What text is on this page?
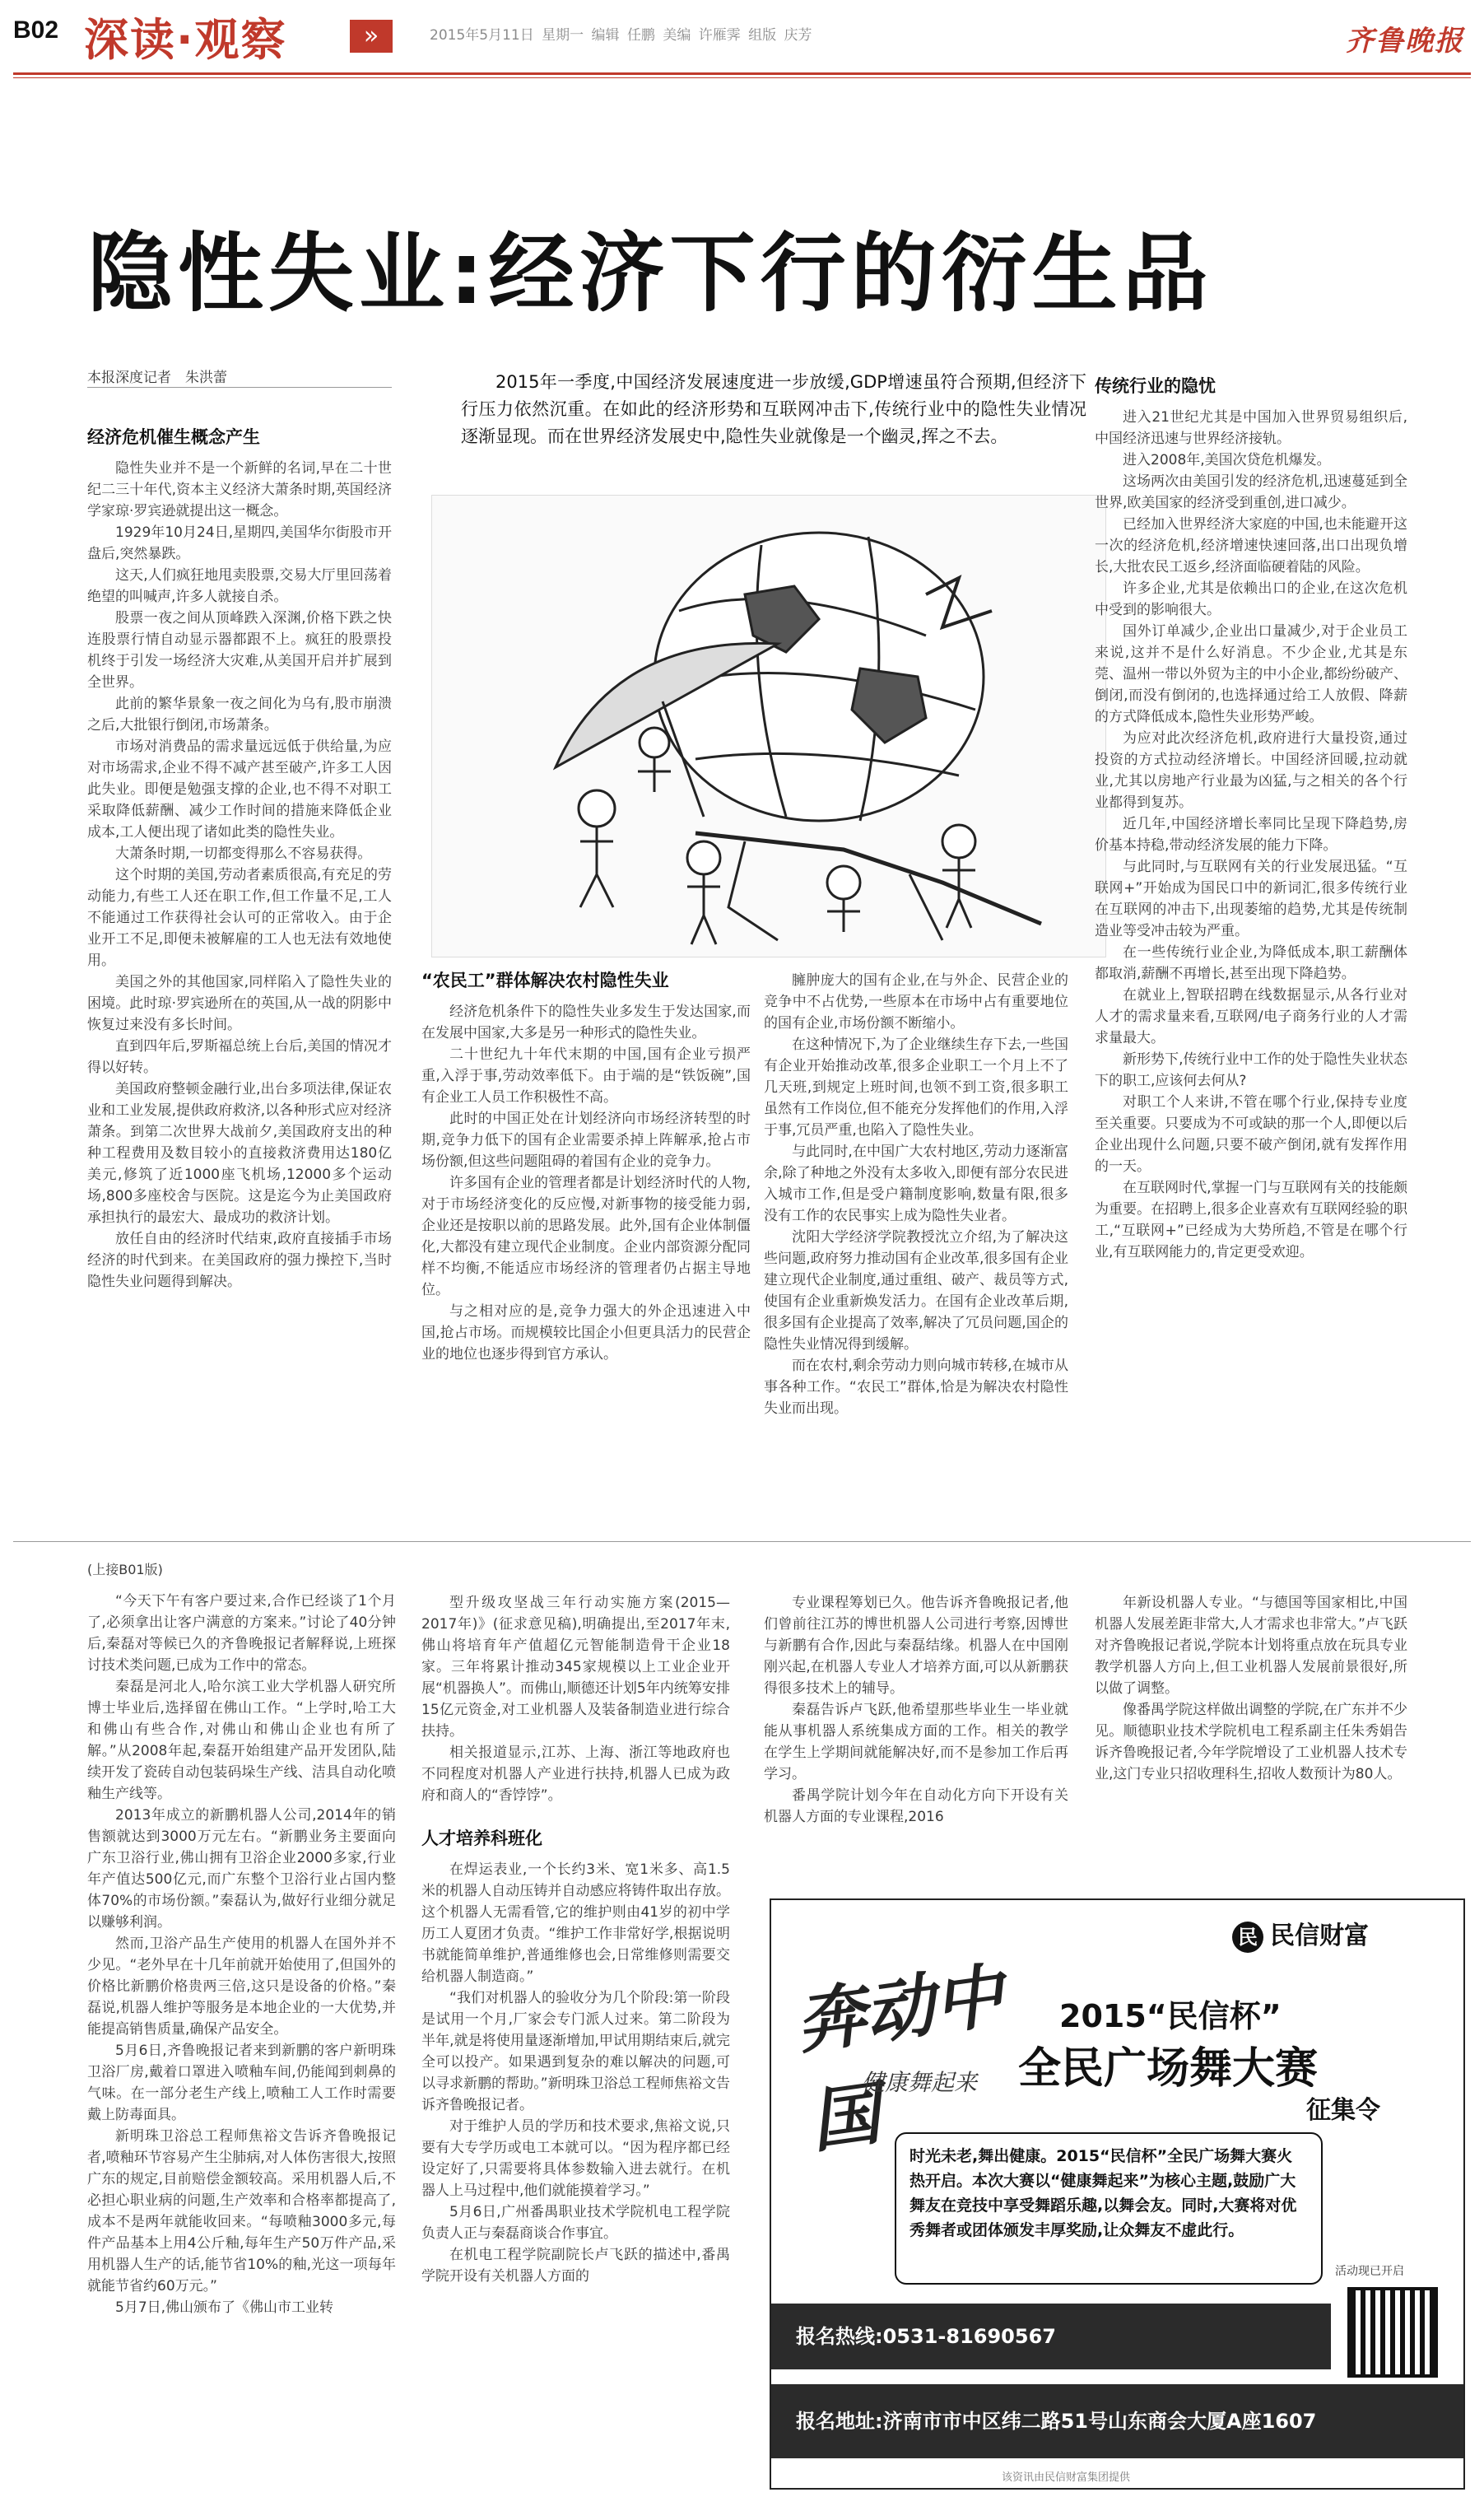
B02 深读·观察	»	2015年5月11日 星期一 编辑 任鹏 美编 许雁霁 组版 庆芳	齐鲁晚报
隐性失业:经济下行的衍生品
本报深度记者　朱洪蕾
经济危机催生概念产生

隐性失业并不是一个新鲜的名词,早在二十世纪二三十年代,资本主义经济大萧条时期,英国经济学家琼·罗宾逊就提出这一概念。

1929年10月24日,星期四,美国华尔街股市开盘后,突然暴跌。

这天,人们疯狂地甩卖股票,交易大厅里回荡着绝望的叫喊声,许多人就接自杀。

股票一夜之间从顶峰跌入深渊,价格下跌之快连股票行情自动显示器都跟不上。疯狂的股票投机终于引发一场经济大灾难,从美国开启并扩展到全世界。

此前的繁华景象一夜之间化为乌有,股市崩溃之后,大批银行倒闭,市场萧条。

市场对消费品的需求量远远低于供给量,为应对市场需求,企业不得不减产甚至破产,许多工人因此失业。即便是勉强支撑的企业,也不得不对职工采取降低薪酬、减少工作时间的措施来降低企业成本,工人便出现了诸如此类的隐性失业。

大萧条时期,一切都变得那么不容易获得。

这个时期的美国,劳动者素质很高,有充足的劳动能力,有些工人还在职工作,但工作量不足,工人不能通过工作获得社会认可的正常收入。由于企业开工不足,即便未被解雇的工人也无法有效地使用。

美国之外的其他国家,同样陷入了隐性失业的困境。此时琼·罗宾逊所在的英国,从一战的阴影中恢复过来没有多长时间。

直到四年后,罗斯福总统上台后,美国的情况才得以好转。

美国政府整顿金融行业,出台多项法律,保证农业和工业发展,提供政府救济,以各种形式应对经济萧条。到第二次世界大战前夕,美国政府支出的种种工程费用及数目较小的直接救济费用达180亿美元,修筑了近1000座飞机场,12000多个运动场,800多座校舍与医院。这是迄今为止美国政府承担执行的最宏大、最成功的救济计划。

放任自由的经济时代结束,政府直接插手市场经济的时代到来。在美国政府的强力操控下,当时隐性失业问题得到解决。

2015年一季度,中国经济发展速度进一步放缓,GDP增速虽符合预期,但经济下行压力依然沉重。在如此的经济形势和互联网冲击下,传统行业中的隐性失业情况逐渐显现。而在世界经济发展史中,隐性失业就像是一个幽灵,挥之不去。
“农民工”群体解决农村隐性失业

经济危机条件下的隐性失业多发生于发达国家,而在发展中国家,大多是另一种形式的隐性失业。

二十世纪九十年代末期的中国,国有企业亏损严重,入浮于事,劳动效率低下。由于端的是“铁饭碗”,国有企业工人员工作积极性不高。

此时的中国正处在计划经济向市场经济转型的时期,竞争力低下的国有企业需要杀掉上阵解承,抢占市场份额,但这些问题阻碍的着国有企业的竞争力。

许多国有企业的管理者都是计划经济时代的人物,对于市场经济变化的反应慢,对新事物的接受能力弱,企业还是按职以前的思路发展。此外,国有企业体制僵化,大都没有建立现代企业制度。企业内部资源分配同样不均衡,不能适应市场经济的管理者仍占据主导地位。

与之相对应的是,竞争力强大的外企迅速进入中国,抢占市场。而规模较比国企小但更具活力的民营企业的地位也逐步得到官方承认。

臃肿庞大的国有企业,在与外企、民营企业的竞争中不占优势,一些原本在市场中占有重要地位的国有企业,市场份额不断缩小。

在这种情况下,为了企业继续生存下去,一些国有企业开始推动改革,很多企业职工一个月上不了几天班,到规定上班时间,也领不到工资,很多职工虽然有工作岗位,但不能充分发挥他们的作用,入浮于事,冗员严重,也陷入了隐性失业。

与此同时,在中国广大农村地区,劳动力逐渐富余,除了种地之外没有太多收入,即便有部分农民进入城市工作,但是受户籍制度影响,数量有限,很多没有工作的农民事实上成为隐性失业者。

沈阳大学经济学院教授沈立介绍,为了解决这些问题,政府努力推动国有企业改革,很多国有企业建立现代企业制度,通过重组、破产、裁员等方式,使国有企业重新焕发活力。在国有企业改革后期,很多国有企业提高了效率,解决了冗员问题,国企的隐性失业情况得到缓解。

而在农村,剩余劳动力则向城市转移,在城市从事各种工作。“农民工”群体,恰是为解决农村隐性失业而出现。

传统行业的隐忧

进入21世纪尤其是中国加入世界贸易组织后,中国经济迅速与世界经济接轨。

进入2008年,美国次贷危机爆发。

这场两次由美国引发的经济危机,迅速蔓延到全世界,欧美国家的经济受到重创,进口减少。

已经加入世界经济大家庭的中国,也未能避开这一次的经济危机,经济增速快速回落,出口出现负增长,大批农民工返乡,经济面临硬着陆的风险。

许多企业,尤其是依赖出口的企业,在这次危机中受到的影响很大。

国外订单减少,企业出口量减少,对于企业员工来说,这并不是什么好消息。不少企业,尤其是东莞、温州一带以外贸为主的中小企业,都纷纷破产、倒闭,而没有倒闭的,也选择通过给工人放假、降薪的方式降低成本,隐性失业形势严峻。

为应对此次经济危机,政府进行大量投资,通过投资的方式拉动经济增长。中国经济回暖,拉动就业,尤其以房地产行业最为凶猛,与之相关的各个行业都得到复苏。

近几年,中国经济增长率同比呈现下降趋势,房价基本持稳,带动经济发展的能力下降。

与此同时,与互联网有关的行业发展迅猛。“互联网+”开始成为国民口中的新词汇,很多传统行业在互联网的冲击下,出现萎缩的趋势,尤其是传统制造业等受冲击较为严重。

在一些传统行业企业,为降低成本,职工薪酬体都取消,薪酬不再增长,甚至出现下降趋势。

在就业上,智联招聘在线数据显示,从各行业对人才的需求量来看,互联网/电子商务行业的人才需求量最大。

新形势下,传统行业中工作的处于隐性失业状态下的职工,应该何去何从?

对职工个人来讲,不管在哪个行业,保持专业度至关重要。只要成为不可或缺的那一个人,即便以后企业出现什么问题,只要不破产倒闭,就有发挥作用的一天。

在互联网时代,掌握一门与互联网有关的技能颇为重要。在招聘上,很多企业喜欢有互联网经验的职工,“互联网+”已经成为大势所趋,不管是在哪个行业,有互联网能力的,肯定更受欢迎。

(上接B01版)

“今天下午有客户要过来,合作已经谈了1个月了,必须拿出让客户满意的方案来。”讨论了40分钟后,秦磊对等候已久的齐鲁晚报记者解释说,上班探讨技术类问题,已成为工作中的常态。

秦磊是河北人,哈尔滨工业大学机器人研究所博士毕业后,选择留在佛山工作。“上学时,哈工大和佛山有些合作,对佛山和佛山企业也有所了解。”从2008年起,秦磊开始组建产品开发团队,陆续开发了瓷砖自动包装码垛生产线、洁具自动化喷釉生产线等。

2013年成立的新鹏机器人公司,2014年的销售额就达到3000万元左右。“新鹏业务主要面向广东卫浴行业,佛山拥有卫浴企业2000多家,行业年产值达500亿元,而广东整个卫浴行业占国内整体70%的市场份额。”秦磊认为,做好行业细分就足以赚够利润。

然而,卫浴产品生产使用的机器人在国外并不少见。“老外早在十几年前就开始使用了,但国外的价格比新鹏价格贵两三倍,这只是设备的价格。”秦磊说,机器人维护等服务是本地企业的一大优势,并能提高销售质量,确保产品安全。

5月6日,齐鲁晚报记者来到新鹏的客户新明珠卫浴厂房,戴着口罩进入喷釉车间,仍能闻到刺鼻的气味。在一部分老生产线上,喷釉工人工作时需要戴上防毒面具。

新明珠卫浴总工程师焦裕文告诉齐鲁晚报记者,喷釉环节容易产生尘肺病,对人体伤害很大,按照广东的规定,目前赔偿金额较高。采用机器人后,不必担心职业病的问题,生产效率和合格率都提高了,成本不是两年就能收回来。“每喷釉3000多元,每件产品基本上用4公斤釉,每年生产50万件产品,采用机器人生产的话,能节省10%的釉,光这一项每年就能节省约60万元。”

5月7日,佛山颁布了《佛山市工业转

型升级攻坚战三年行动实施方案(2015—2017年)》(征求意见稿),明确提出,至2017年末,佛山将培育年产值超亿元智能制造骨干企业18家。三年将累计推动345家规模以上工业企业开展“机器换人”。而佛山,顺德还计划5年内统筹安排15亿元资金,对工业机器人及装备制造业进行综合扶持。

相关报道显示,江苏、上海、浙江等地政府也不同程度对机器人产业进行扶持,机器人已成为政府和商人的“香饽饽”。

人才培养科班化

在焊运表业,一个长约3米、宽1米多、高1.5米的机器人自动压铸并自动感应将铸件取出存放。这个机器人无需看管,它的维护则由41岁的初中学历工人夏团才负责。“维护工作非常好学,根据说明书就能简单维护,普通维修也会,日常维修则需要交给机器人制造商。”

“我们对机器人的验收分为几个阶段:第一阶段是试用一个月,厂家会专门派人过来。第二阶段为半年,就是将使用量逐渐增加,甲试用期结束后,就完全可以投产。如果遇到复杂的难以解决的问题,可以寻求新鹏的帮助。”新明珠卫浴总工程师焦裕文告诉齐鲁晚报记者。

对于维护人员的学历和技术要求,焦裕文说,只要有大专学历或电工本就可以。“因为程序都已经设定好了,只需要将具体参数输入进去就行。在机器人上马过程中,他们就能摸着学习。”

5月6日,广州番禺职业技术学院机电工程学院负责人正与秦磊商谈合作事宜。

在机电工程学院副院长卢飞跃的描述中,番禺学院开设有关机器人方面的

专业课程筹划已久。他告诉齐鲁晚报记者,他们曾前往江苏的博世机器人公司进行考察,因博世与新鹏有合作,因此与秦磊结缘。机器人在中国刚刚兴起,在机器人专业人才培养方面,可以从新鹏获得很多技术上的辅导。

秦磊告诉卢飞跃,他希望那些毕业生一毕业就能从事机器人系统集成方面的工作。相关的教学在学生上学期间就能解决好,而不是参加工作后再学习。

番禺学院计划今年在自动化方向下开设有关机器人方面的专业课程,2016

年新设机器人专业。“与德国等国家相比,中国机器人发展差距非常大,人才需求也非常大。”卢飞跃对齐鲁晚报记者说,学院本计划将重点放在玩具专业教学机器人方向上,但工业机器人发展前景很好,所以做了调整。

像番禺学院这样做出调整的学院,在广东并不少见。顺德职业技术学院机电工程系副主任朱秀娟告诉齐鲁晚报记者,今年学院增设了工业机器人技术专业,这门专业只招收理科生,招收人数预计为80人。

民 民信财富
奔动中国
健康舞起来
2015“民信杯”
全民广场舞大赛
征集令
时光未老,舞出健康。2015“民信杯”全民广场舞大赛火热开启。本次大赛以“健康舞起来”为核心主题,鼓励广大舞友在竞技中享受舞蹈乐趣,以舞会友。同时,大赛将对优秀舞者或团体颁发丰厚奖励,让众舞友不虚此行。
活动现已开启
报名热线:0531-81690567
报名地址:济南市市中区纬二路51号山东商会大厦A座1607
该资讯由民信财富集团提供
